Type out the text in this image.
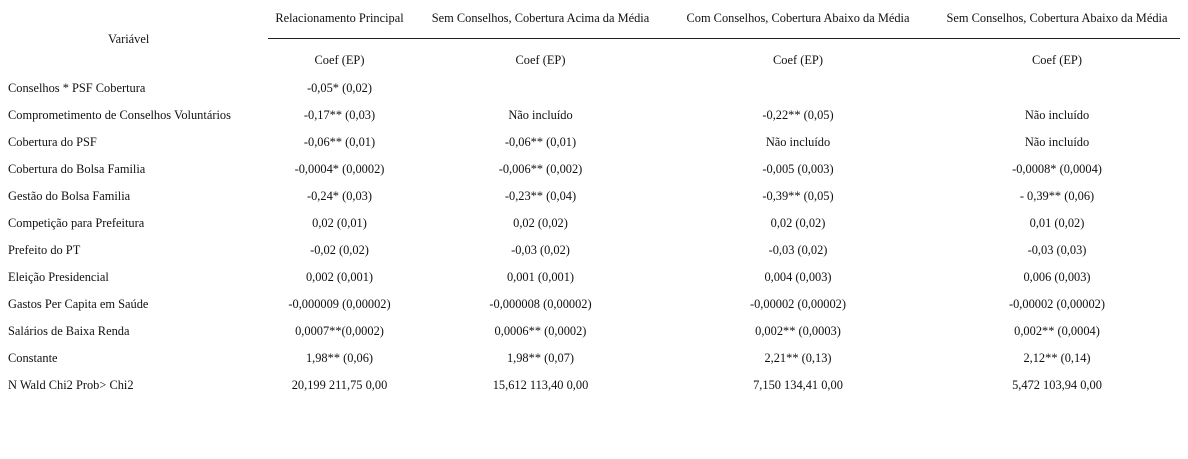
Variável
Relacionamento Principal	Sem Conselhos, Cobertura Acima da Média	Com Conselhos, Cobertura Abaixo da Média	Sem Conselhos, Cobertura Abaixo da Média
Coef (EP)	Coef (EP)	Coef (EP)	Coef (EP)
Conselhos * PSF Cobertura	-0,05* (0,02)
Comprometimento de Conselhos Voluntários	-0,17** (0,03)	Não incluído	-0,22** (0,05)	Não incluído
Cobertura do PSF	-0,06** (0,01)	-0,06** (0,01)	Não incluído	Não incluído
Cobertura do Bolsa Familia	-0,0004* (0,0002)	-0,006** (0,002)	-0,005 (0,003)	-0,0008* (0,0004)
Gestão do Bolsa Familia	-0,24* (0,03)	-0,23** (0,04)	-0,39** (0,05)	- 0,39** (0,06)
Competição para Prefeitura	0,02 (0,01)	0,02 (0,02)	0,02 (0,02)	0,01 (0,02)
Prefeito do PT	-0,02 (0,02)	-0,03 (0,02)	-0,03 (0,02)	-0,03 (0,03)
Eleição Presidencial	0,002 (0,001)	0,001 (0,001)	0,004 (0,003)	0,006 (0,003)
Gastos Per Capita em Saúde	-0,000009 (0,00002)	-0,000008 (0,00002)	-0,00002 (0,00002)	-0,00002 (0,00002)
Salários de Baixa Renda	0,0007**(0,0002)	0,0006** (0,0002)	0,002** (0,0003)	0,002** (0,0004)
Constante	1,98** (0,06)	1,98** (0,07)	2,21** (0,13)	2,12** (0,14)
N Wald Chi2 Prob> Chi2	20,199 211,75 0,00	15,612 113,40 0,00	7,150 134,41 0,00	5,472 103,94 0,00
